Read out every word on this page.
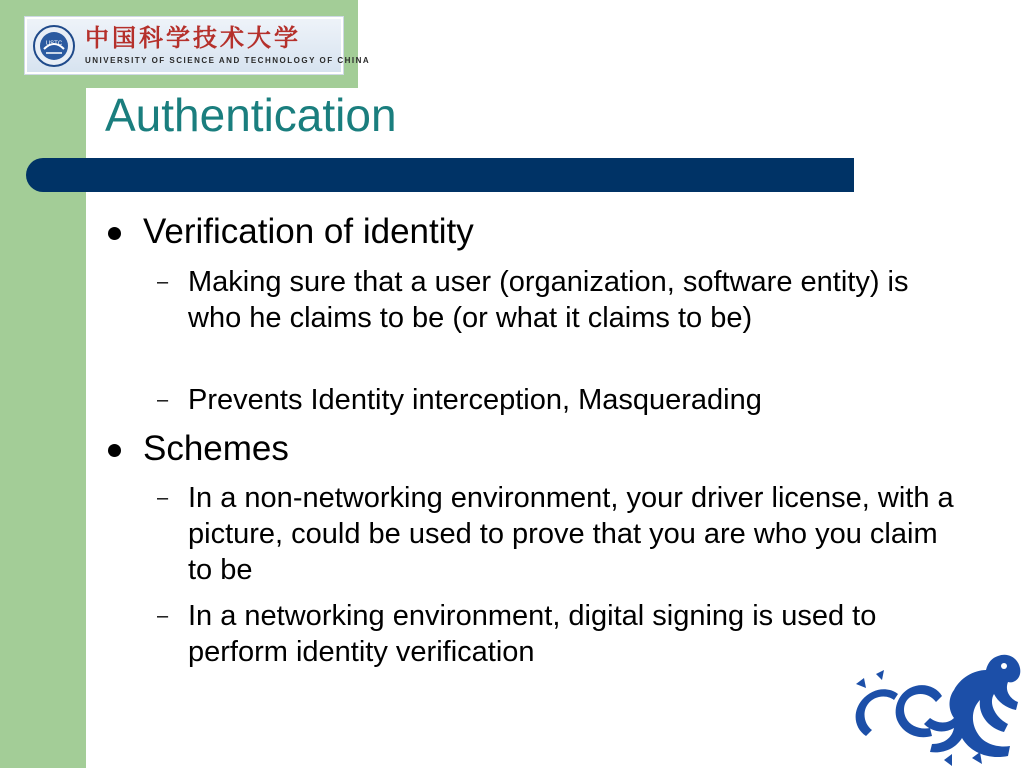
USTC 中国科学技术大学
UNIVERSITY OF SCIENCE AND TECHNOLOGY OF CHINA
Authentication
Verification of identity
– Making sure that a user (organization, software entity) is who he claims to be (or what it claims to be)
– Prevents Identity interception, Masquerading
Schemes
– In a non-networking environment, your driver license, with a picture, could be used to prove that you are who you claim to be
– In a networking environment, digital signing is used to perform identity verification
